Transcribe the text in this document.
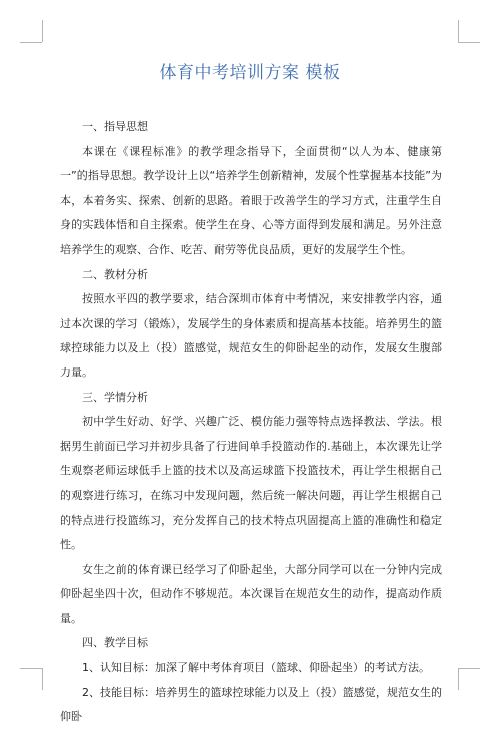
体育中考培训方案 模板

一、指导思想

本课在《课程标准》的教学理念指导下，全面贯彻“以人为本、健康第一”的指导思想。教学设计上以“培养学生创新精神，发展个性掌握基本技能”为本，本着务实、探索、创新的思路。着眼于改善学生的学习方式，注重学生自身的实践体悟和自主探索。使学生在身、心等方面得到发展和满足。另外注意培养学生的观察、合作、吃苦、耐劳等优良品质，更好的发展学生个性。

二、教材分析

按照水平四的教学要求，结合深圳市体育中考情况，来安排教学内容，通过本次课的学习（锻炼），发展学生的身体素质和提高基本技能。培养男生的篮球控球能力以及上（投）篮感觉，规范女生的仰卧起坐的动作，发展女生腹部力量。

三、学情分析

初中学生好动、好学、兴趣广泛、模仿能力强等特点选择教法、学法。根据男生前面已学习并初步具备了行进间单手投篮动作的.基础上，本次课先让学生观察老师运球低手上篮的技术以及高运球篮下投篮技术，再让学生根据自己的观察进行练习，在练习中发现问题，然后统一解决问题，再让学生根据自己的特点进行投篮练习，充分发挥自己的技术特点巩固提高上篮的准确性和稳定性。

女生之前的体育课已经学习了仰卧起坐，大部分同学可以在一分钟内完成仰卧起坐四十次，但动作不够规范。本次课旨在规范女生的动作，提高动作质量。

四、教学目标

1、认知目标：加深了解中考体育项目（篮球、仰卧起坐）的考试方法。

2、技能目标：培养男生的篮球控球能力以及上（投）篮感觉，规范女生的仰卧
